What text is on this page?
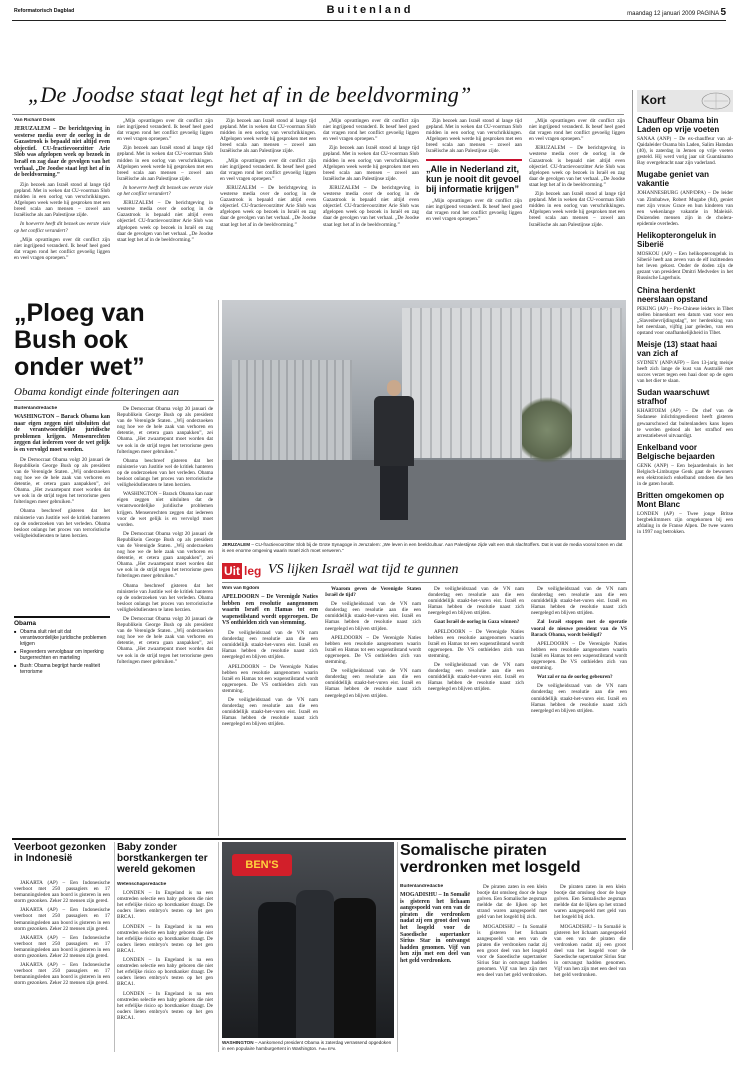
Reformatorisch Dagblad	Buitenland	maandag 12 januari 2009 PAGINA 5
„De Joodse staat legt het af in de beeldvorming”
Van Richard Donk
JERUZALEM – De berichtgeving in westerse media over de oorlog in de Gazastrook is bepaald niet altijd even objectief. CU-fractievoorzitter Arie Slob was afgelopen week op bezoek in Israël en zag daar de gevolgen van het verhaal. „De Joodse staat legt het af in de beeldvorming.”

Zijn bezoek aan Israël stond al lange tijd gepland. Met in weken dat CU-voorman Slob midden in een oorlog van verschrikkingen. Afgelopen week werde hij gesproken met een breed scala aan mensen – zowel aan Israëlische als aan Palestijnse zijde.

In hoeverre heeft dit bezoek uw eerste visie op het conflict verandert?

„Mijn opvattingen over dit conflict zijn niet ingrijpend veranderd. Ik besef heel goed dat vragen rond het conflict gevoelig liggen en veel vragen oproepen.”

„Mijn opvattingen over dit conflict zijn niet ingrijpend veranderd. Ik besef heel goed dat vragen rond het conflict gevoelig liggen en veel vragen oproepen.”

Zijn bezoek aan Israël stond al lange tijd gepland. Met in weken dat CU-voorman Slob midden in een oorlog van verschrikkingen. Afgelopen week werde hij gesproken met een breed scala aan mensen – zowel aan Israëlische als aan Palestijnse zijde.

In hoeverre heeft dit bezoek uw eerste visie op het conflict verandert?

JERUZALEM – De berichtgeving in westerse media over de oorlog in de Gazastrook is bepaald niet altijd even objectief. CU-fractievoorzitter Arie Slob was afgelopen week op bezoek in Israël en zag daar de gevolgen van het verhaal. „De Joodse staat legt het af in de beeldvorming.”

Zijn bezoek aan Israël stond al lange tijd gepland. Met in weken dat CU-voorman Slob midden in een oorlog van verschrikkingen. Afgelopen week werde hij gesproken met een breed scala aan mensen – zowel aan Israëlische als aan Palestijnse zijde.

„Mijn opvattingen over dit conflict zijn niet ingrijpend veranderd. Ik besef heel goed dat vragen rond het conflict gevoelig liggen en veel vragen oproepen.”

JERUZALEM – De berichtgeving in westerse media over de oorlog in de Gazastrook is bepaald niet altijd even objectief. CU-fractievoorzitter Arie Slob was afgelopen week op bezoek in Israël en zag daar de gevolgen van het verhaal. „De Joodse staat legt het af in de beeldvorming.”

„Mijn opvattingen over dit conflict zijn niet ingrijpend veranderd. Ik besef heel goed dat vragen rond het conflict gevoelig liggen en veel vragen oproepen.”

Zijn bezoek aan Israël stond al lange tijd gepland. Met in weken dat CU-voorman Slob midden in een oorlog van verschrikkingen. Afgelopen week werde hij gesproken met een breed scala aan mensen – zowel aan Israëlische als aan Palestijnse zijde.

JERUZALEM – De berichtgeving in westerse media over de oorlog in de Gazastrook is bepaald niet altijd even objectief. CU-fractievoorzitter Arie Slob was afgelopen week op bezoek in Israël en zag daar de gevolgen van het verhaal. „De Joodse staat legt het af in de beeldvorming.”

Zijn bezoek aan Israël stond al lange tijd gepland. Met in weken dat CU-voorman Slob midden in een oorlog van verschrikkingen. Afgelopen week werde hij gesproken met een breed scala aan mensen – zowel aan Israëlische als aan Palestijnse zijde.

„Alle in Nederland zit, kun je nooit dit gevoel bij informatie krijgen”

„Mijn opvattingen over dit conflict zijn niet ingrijpend veranderd. Ik besef heel goed dat vragen rond het conflict gevoelig liggen en veel vragen oproepen.”

„Mijn opvattingen over dit conflict zijn niet ingrijpend veranderd. Ik besef heel goed dat vragen rond het conflict gevoelig liggen en veel vragen oproepen.”

JERUZALEM – De berichtgeving in westerse media over de oorlog in de Gazastrook is bepaald niet altijd even objectief. CU-fractievoorzitter Arie Slob was afgelopen week op bezoek in Israël en zag daar de gevolgen van het verhaal. „De Joodse staat legt het af in de beeldvorming.”

Zijn bezoek aan Israël stond al lange tijd gepland. Met in weken dat CU-voorman Slob midden in een oorlog van verschrikkingen. Afgelopen week werde hij gesproken met een breed scala aan mensen – zowel aan Israëlische als aan Palestijnse zijde.

Kort
Chauffeur Obama bin Laden op vrije voeten
SANAA (ANP) – De ex-chauffeur van al-Qaidaleider Osama bin Laden, Salim Hamdan (40), is zaterdag in Jemen op vrije voeten gesteld. Hij werd vorig jaar uit Guantánamo Bay overgebracht naar zijn vaderland.
Mugabe geniet van vakantie
JOHANNESBURG (ANP/DPA) – De leider van Zimbabwe, Robert Mugabe (84), geniet met zijn vrouw Grace en hun kinderen van een wekenlange vakantie in Maleisië. Duizenden mensen zijn in de cholera-epidemie overleden.
Helikopterongeluk in Siberië
MOSKOU (AP) – Een helikopterongeluk in Siberië heeft aan zeven van de elf inzittenden het leven gekost. Onder de doden zijn de gezant van president Dmitri Medvedev in het Russische Lagerhuis.
China herdenkt neerslaan opstand
PEKING (AP) – Pro-Chinese leiders in Tibet stellen binnenkort een datum vast voor een „Slavenbevrijdingsdag”, ter herdenking van het neerslaan, vijftig jaar geleden, van een opstand voor onafhankelijkheid in Tibet.
Meisje (13) staat haai van zich af
SYDNEY (ANP/AFP) – Een 13-jarig meisje heeft zich lange de kust van Australië met succes verzet tegen een haai door op de ogen van het dier te slaan.
Sudan waarschuwt strafhof
KHARTOEM (AP) – De chef van de Sudanese inlichtingendienst heeft gisteren gewaarschuwd dat buitenlanders kans lopen te worden gedood als het strafhof een arrestatiebevel uitvaardigt.
Enkelband voor Belgische bejaarden
GENK (ANP) – Een bejaardenhuis in het Belgisch-Limburgse Genk gaat de bewoners een elektronisch enkelband omdoen die hen in de gaten houdt.
Britten omgekomen op Mont Blanc
LONDEN (AP) – Twee jonge Britse bergbeklimmers zijn omgekomen bij een afdaling in de Franse Alpen. De twee waren in 1997 nog betrokken.
„Ploeg van Bush ook onder wet”
Obama kondigt einde folteringen aan
Buitenlandredactie
WASHINGTON – Barack Obama kan naar eigen zeggen niet uitsluiten dat de verantwoordelijke juridische problemen krijgen. Mensenrechten zeggen dat iedereen voor de wet gelijk is en vervolgd moet worden.

De Democraat Obama volgt 20 januari de Republikein George Bush op als president van de Verenigde Staten. „Wij onderzoeken nog hoe we de hele zaak van verhoren en detentie, et cetera gaan aanpakken”, zei Obama. „Het zwaartepunt moet worden dat we ook in de strijd tegen het terrorisme geen folteringen meer gebruiken.”

Obama beschreef gisteren dat het ministerie van Justitie wel de kritiek hanteren op de onderzoeken van het verleden. Obama besloot onlangs het proces van terroristische veiligheidsdiensten te laten herzien.

Obama
■ Obama sluit niet uit dat verantwoordelijke juridische problemen krijgen
■ Regeerders vervolgbaar om inperking burgerrechten en marteling
■ Bush: Obama begrijpt harde realiteit terrorisme

De Democraat Obama volgt 20 januari de Republikein George Bush op als president van de Verenigde Staten. „Wij onderzoeken nog hoe we de hele zaak van verhoren en detentie, et cetera gaan aanpakken”, zei Obama. „Het zwaartepunt moet worden dat we ook in de strijd tegen het terrorisme geen folteringen meer gebruiken.”

Obama beschreef gisteren dat het ministerie van Justitie wel de kritiek hanteren op de onderzoeken van het verleden. Obama besloot onlangs het proces van terroristische veiligheidsdiensten te laten herzien.

WASHINGTON – Barack Obama kan naar eigen zeggen niet uitsluiten dat de verantwoordelijke juridische problemen krijgen. Mensenrechten zeggen dat iedereen voor de wet gelijk is en vervolgd moet worden.

De Democraat Obama volgt 20 januari de Republikein George Bush op als president van de Verenigde Staten. „Wij onderzoeken nog hoe we de hele zaak van verhoren en detentie, et cetera gaan aanpakken”, zei Obama. „Het zwaartepunt moet worden dat we ook in de strijd tegen het terrorisme geen folteringen meer gebruiken.”

Obama beschreef gisteren dat het ministerie van Justitie wel de kritiek hanteren op de onderzoeken van het verleden. Obama besloot onlangs het proces van terroristische veiligheidsdiensten te laten herzien.

De Democraat Obama volgt 20 januari de Republikein George Bush op als president van de Verenigde Staten. „Wij onderzoeken nog hoe we de hele zaak van verhoren en detentie, et cetera gaan aanpakken”, zei Obama. „Het zwaartepunt moet worden dat we ook in de strijd tegen het terrorisme geen folteringen meer gebruiken.”

JERUZALEM – CU-fractievoorzitter Slob bij de Grote Synagoge in Jeruzalem: „We leven in een beeldcultuur. Aan Palestijnse zijde valt een stuk slachtoffers. Dat is wat de media vooral tonen en dat is een enorme omgeving waarin Israël zich moet verweren.”
Uit leg VS lijken Israël wat tijd te gunnen
Wim van Egdom
APELDOORN – De Verenigde Naties hebben een resolutie aangenomen waarin Israël en Hamas tot een wapenstilstand wordt opgeroepen. De VS onthielden zich van stemming.

De veiligheidsraad van de VN nam donderdag een resolutie aan die een onmiddellijk staakt-het-vuren eist. Israël en Hamas hebben de resolutie naast zich neergelegd en blijven strijden.

APELDOORN – De Verenigde Naties hebben een resolutie aangenomen waarin Israël en Hamas tot een wapenstilstand wordt opgeroepen. De VS onthielden zich van stemming.

De veiligheidsraad van de VN nam donderdag een resolutie aan die een onmiddellijk staakt-het-vuren eist. Israël en Hamas hebben de resolutie naast zich neergelegd en blijven strijden.

Waarom geven de Verenigde Staten Israël de tijd?

De veiligheidsraad van de VN nam donderdag een resolutie aan die een onmiddellijk staakt-het-vuren eist. Israël en Hamas hebben de resolutie naast zich neergelegd en blijven strijden.

APELDOORN – De Verenigde Naties hebben een resolutie aangenomen waarin Israël en Hamas tot een wapenstilstand wordt opgeroepen. De VS onthielden zich van stemming.

De veiligheidsraad van de VN nam donderdag een resolutie aan die een onmiddellijk staakt-het-vuren eist. Israël en Hamas hebben de resolutie naast zich neergelegd en blijven strijden.

De veiligheidsraad van de VN nam donderdag een resolutie aan die een onmiddellijk staakt-het-vuren eist. Israël en Hamas hebben de resolutie naast zich neergelegd en blijven strijden.

Gaat Israël de oorlog in Gaza winnen?

APELDOORN – De Verenigde Naties hebben een resolutie aangenomen waarin Israël en Hamas tot een wapenstilstand wordt opgeroepen. De VS onthielden zich van stemming.

De veiligheidsraad van de VN nam donderdag een resolutie aan die een onmiddellijk staakt-het-vuren eist. Israël en Hamas hebben de resolutie naast zich neergelegd en blijven strijden.

De veiligheidsraad van de VN nam donderdag een resolutie aan die een onmiddellijk staakt-het-vuren eist. Israël en Hamas hebben de resolutie naast zich neergelegd en blijven strijden.

Zal Israël stoppen met de operatie vooral de nieuwe president van de VS Barack Obama, wordt beëdigd?

APELDOORN – De Verenigde Naties hebben een resolutie aangenomen waarin Israël en Hamas tot een wapenstilstand wordt opgeroepen. De VS onthielden zich van stemming.

Wat zal er na de oorlog gebeuren?

De veiligheidsraad van de VN nam donderdag een resolutie aan die een onmiddellijk staakt-het-vuren eist. Israël en Hamas hebben de resolutie naast zich neergelegd en blijven strijden.

Veerboot gezonken in Indonesië

JAKARTA (AP) – Een Indonesische veerboot met 250 passagiers en 17 bemanningsleden aan boord is gisteren in een storm gezonken. Zeker 22 mensen zijn gered.

JAKARTA (AP) – Een Indonesische veerboot met 250 passagiers en 17 bemanningsleden aan boord is gisteren in een storm gezonken. Zeker 22 mensen zijn gered.

JAKARTA (AP) – Een Indonesische veerboot met 250 passagiers en 17 bemanningsleden aan boord is gisteren in een storm gezonken. Zeker 22 mensen zijn gered.

JAKARTA (AP) – Een Indonesische veerboot met 250 passagiers en 17 bemanningsleden aan boord is gisteren in een storm gezonken. Zeker 22 mensen zijn gered.

Baby zonder borstkankergen ter wereld gekomen
Wetenschapsredactie

LONDEN – In Engeland is na een omstreden selectie een baby geboren die niet het erfelijke risico op borstkanker draagt. De ouders lieten embryo's testen op het gen BRCA1.

LONDEN – In Engeland is na een omstreden selectie een baby geboren die niet het erfelijke risico op borstkanker draagt. De ouders lieten embryo's testen op het gen BRCA1.

LONDEN – In Engeland is na een omstreden selectie een baby geboren die niet het erfelijke risico op borstkanker draagt. De ouders lieten embryo's testen op het gen BRCA1.

LONDEN – In Engeland is na een omstreden selectie een baby geboren die niet het erfelijke risico op borstkanker draagt. De ouders lieten embryo's testen op het gen BRCA1.

BEN'S
WASHINGTON – Aankomend president Obama is zaterdag verrassend opgedoken in een populaire hamburgertent in Washington. Foto EPA
Somalische piraten verdronken met losgeld
Buitenlandredactie
MOGADISHU – In Somalië is gisteren het lichaam aangespoeld van een van de piraten die verdronken nadat zij een groot deel van het losgeld voor de Saoedische supertanker Sirius Star in ontvangst hadden genomen. Vijf van hen zijn met een deel van het geld verdronken.

De piraten zaten in een klein bootje dat omsloeg door de hoge golven. Een Somalische zegsman meldde dat de lijken op het strand waren aangespoeld met geld van het losgeld bij zich.

MOGADISHU – In Somalië is gisteren het lichaam aangespoeld van een van de piraten die verdronken nadat zij een groot deel van het losgeld voor de Saoedische supertanker Sirius Star in ontvangst hadden genomen. Vijf van hen zijn met een deel van het geld verdronken.

De piraten zaten in een klein bootje dat omsloeg door de hoge golven. Een Somalische zegsman meldde dat de lijken op het strand waren aangespoeld met geld van het losgeld bij zich.

MOGADISHU – In Somalië is gisteren het lichaam aangespoeld van een van de piraten die verdronken nadat zij een groot deel van het losgeld voor de Saoedische supertanker Sirius Star in ontvangst hadden genomen. Vijf van hen zijn met een deel van het geld verdronken.
